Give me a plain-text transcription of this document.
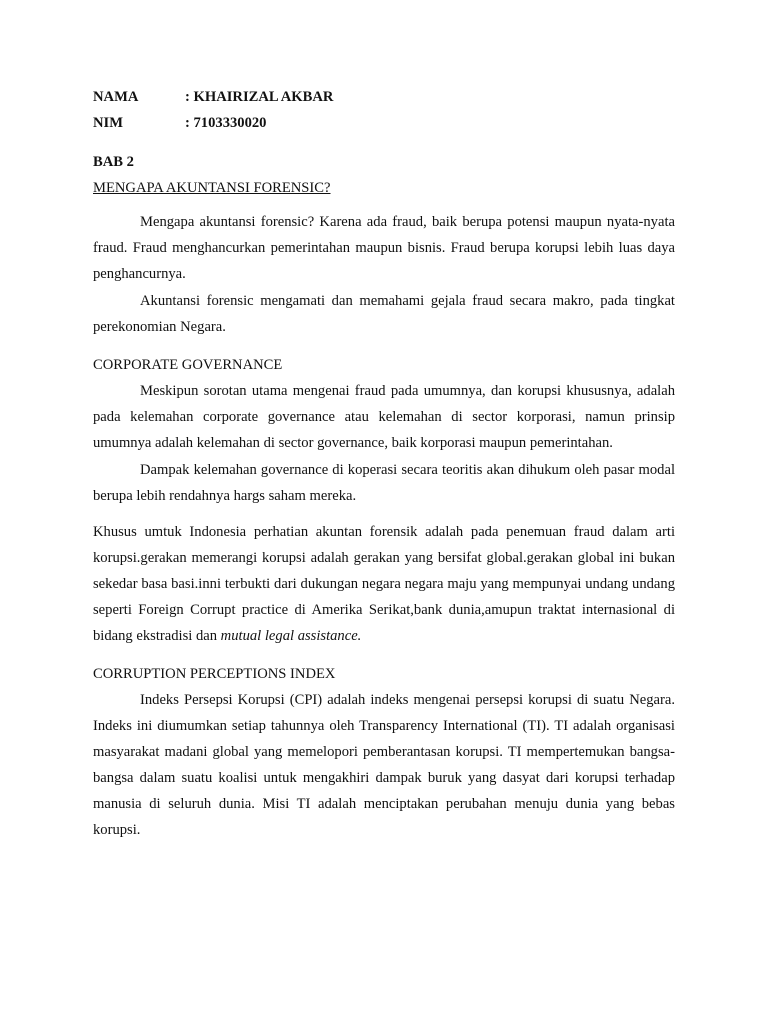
NAMA	: KHAIRIZAL AKBAR
NIM	: 7103330020
BAB 2
MENGAPA AKUNTANSI FORENSIC?

Mengapa akuntansi forensic? Karena ada fraud, baik berupa potensi maupun nyata-nyata fraud. Fraud menghancurkan pemerintahan maupun bisnis. Fraud berupa korupsi lebih luas daya penghancurnya.

Akuntansi forensic mengamati dan memahami gejala fraud secara makro, pada tingkat perekonomian Negara.

CORPORATE GOVERNANCE

Meskipun sorotan utama mengenai fraud pada umumnya, dan korupsi khususnya, adalah pada kelemahan corporate governance atau kelemahan di sector korporasi, namun prinsip umumnya adalah kelemahan di sector governance, baik korporasi maupun pemerintahan.

Dampak kelemahan governance di koperasi secara teoritis akan dihukum oleh pasar modal berupa lebih rendahnya hargs saham mereka.

Khusus umtuk Indonesia perhatian akuntan forensik adalah pada penemuan fraud dalam arti korupsi.gerakan memerangi korupsi adalah gerakan yang bersifat global.gerakan global ini bukan sekedar basa basi.inni terbukti dari dukungan negara negara maju yang mempunyai undang undang seperti Foreign Corrupt practice di Amerika Serikat,bank dunia,amupun traktat internasional di bidang ekstradisi dan mutual legal assistance.

CORRUPTION PERCEPTIONS INDEX

Indeks Persepsi Korupsi (CPI) adalah indeks mengenai persepsi korupsi di suatu Negara. Indeks ini diumumkan setiap tahunnya oleh Transparency International (TI). TI adalah organisasi masyarakat madani global yang memelopori pemberantasan korupsi. TI mempertemukan bangsa-bangsa dalam suatu koalisi untuk mengakhiri dampak buruk yang dasyat dari korupsi terhadap manusia di seluruh dunia. Misi TI adalah menciptakan perubahan menuju dunia yang bebas korupsi.
